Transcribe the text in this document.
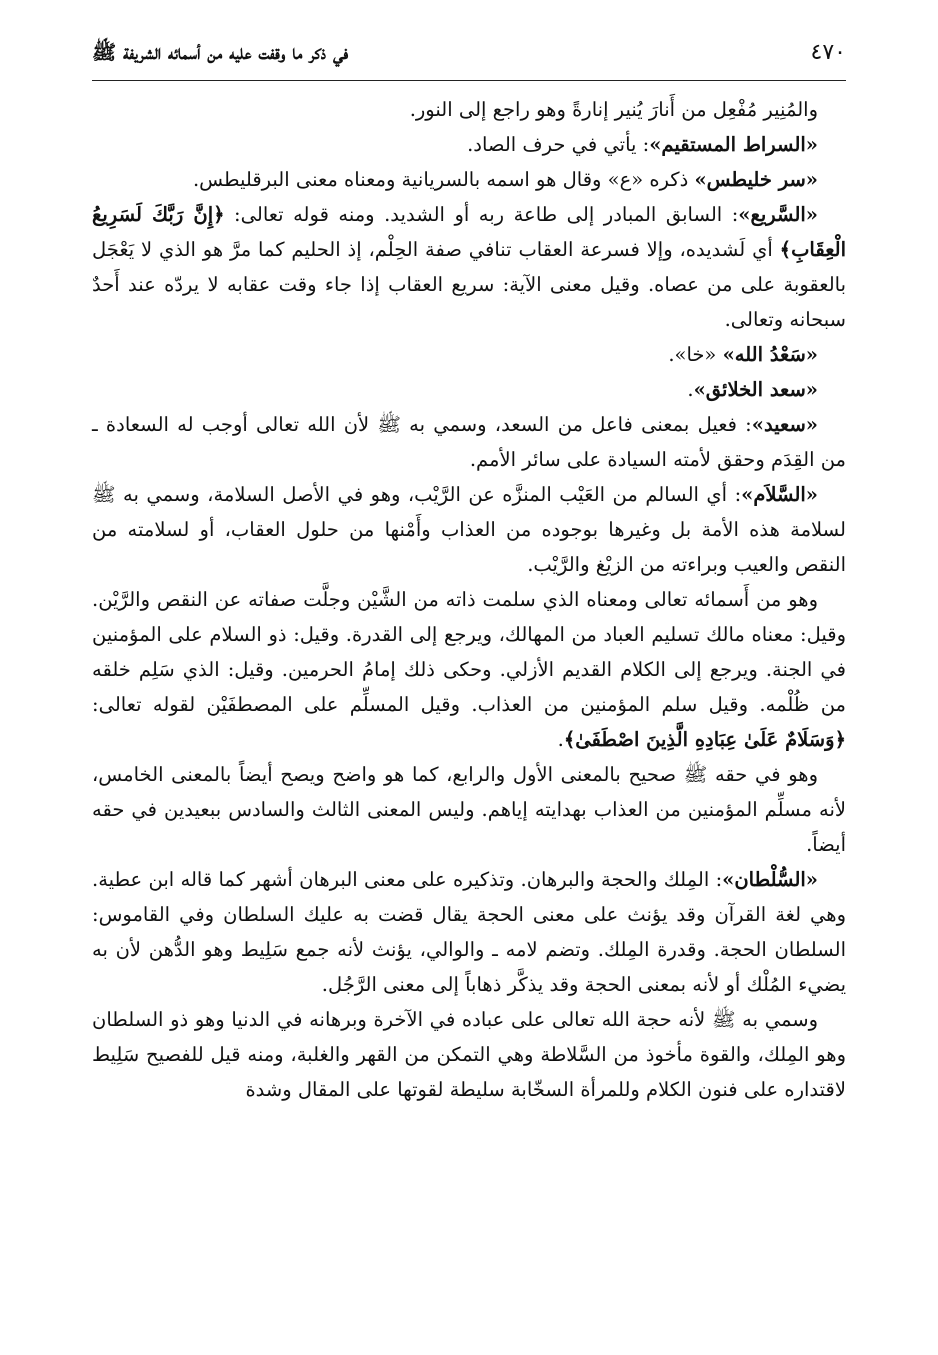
٤٧٠
في ذكر ما وقفت عليه من أسمائه الشريفة ﷺ

والمُنِير مُفْعِل من أَنارَ يُنير إنارةً وهو راجع إلى النور.

«السراط المستقيم»: يأتي في حرف الصاد.

«سر خليطس» ذكره «ع» وقال هو اسمه بالسريانية ومعناه معنى البرقليطس.

«السَّريع»: السابق المبادر إلى طاعة ربه أو الشديد. ومنه قوله تعالى: ﴿إِنَّ رَبَّكَ لَسَرِيعُ الْعِقَابِ﴾ أي لَشديده، وإلا فسرعة العقاب تنافي صفة الحِلْم، إذ الحليم كما مرَّ هو الذي لا يَعْجَل بالعقوبة على من عصاه. وقيل معنى الآية: سريع العقاب إذا جاء وقت عقابه لا يردّه عند أَحدٌ سبحانه وتعالى.

«سَعْدُ الله» «خا».

«سعد الخلائق».

«سعيد»: فعيل بمعنى فاعل من السعد، وسمي به ﷺ لأن الله تعالى أوجب له السعادة ـ من القِدَم وحقق لأمته السيادة على سائر الأمم.

«السَّلاَم»: أي السالم من العَيْب المنزَّه عن الرَّيْب، وهو في الأصل السلامة، وسمي به ﷺ لسلامة هذه الأمة بل وغيرها بوجوده من العذاب وأَمْنها من حلول العقاب، أو لسلامته من النقص والعيب وبراءته من الزيْغ والرَّيْب.

وهو من أَسمائه تعالى ومعناه الذي سلمت ذاته من الشَّيْن وجلَّت صفاته عن النقص والرَّيْن. وقيل: معناه مالك تسليم العباد من المهالك، ويرجع إلى القدرة. وقيل: ذو السلام على المؤمنين في الجنة. ويرجع إلى الكلام القديم الأزلي. وحكى ذلك إمامُ الحرمين. وقيل: الذي سَلِم خلقه من ظُلْمه. وقيل سلم المؤمنين من العذاب. وقيل المسلِّم على المصطفَيْن لقوله تعالى: ﴿وَسَلَامٌ عَلَىٰ عِبَادِهِ الَّذِينَ اصْطَفَىٰ﴾.

وهو في حقه ﷺ صحيح بالمعنى الأول والرابع، كما هو واضح ويصح أيضاً بالمعنى الخامس، لأنه مسلِّم المؤمنين من العذاب بهدايته إياهم. وليس المعنى الثالث والسادس ببعيدين في حقه أيضاً.

«السُّلْطان»: المِلك والحجة والبرهان. وتذكيره على معنى البرهان أشهر كما قاله ابن عطية. وهي لغة القرآن وقد يؤنث على معنى الحجة يقال قضت به عليك السلطان وفي القاموس: السلطان الحجة. وقدرة المِلك. وتضم لامه ـ والوالي، يؤنث لأنه جمع سَلِيط وهو الدُّهن لأن به يضيء المُلْك أو لأنه بمعنى الحجة وقد يذكَّر ذهاباً إلى معنى الرَّجُل.

وسمي به ﷺ لأنه حجة الله تعالى على عباده في الآخرة وبرهانه في الدنيا وهو ذو السلطان وهو المِلك، والقوة مأخوذ من السَّلاطة وهي التمكن من القهر والغلبة، ومنه قيل للفصيح سَلِيط لاقتداره على فنون الكلام وللمرأة السخّابة سليطة لقوتها على المقال وشدة
